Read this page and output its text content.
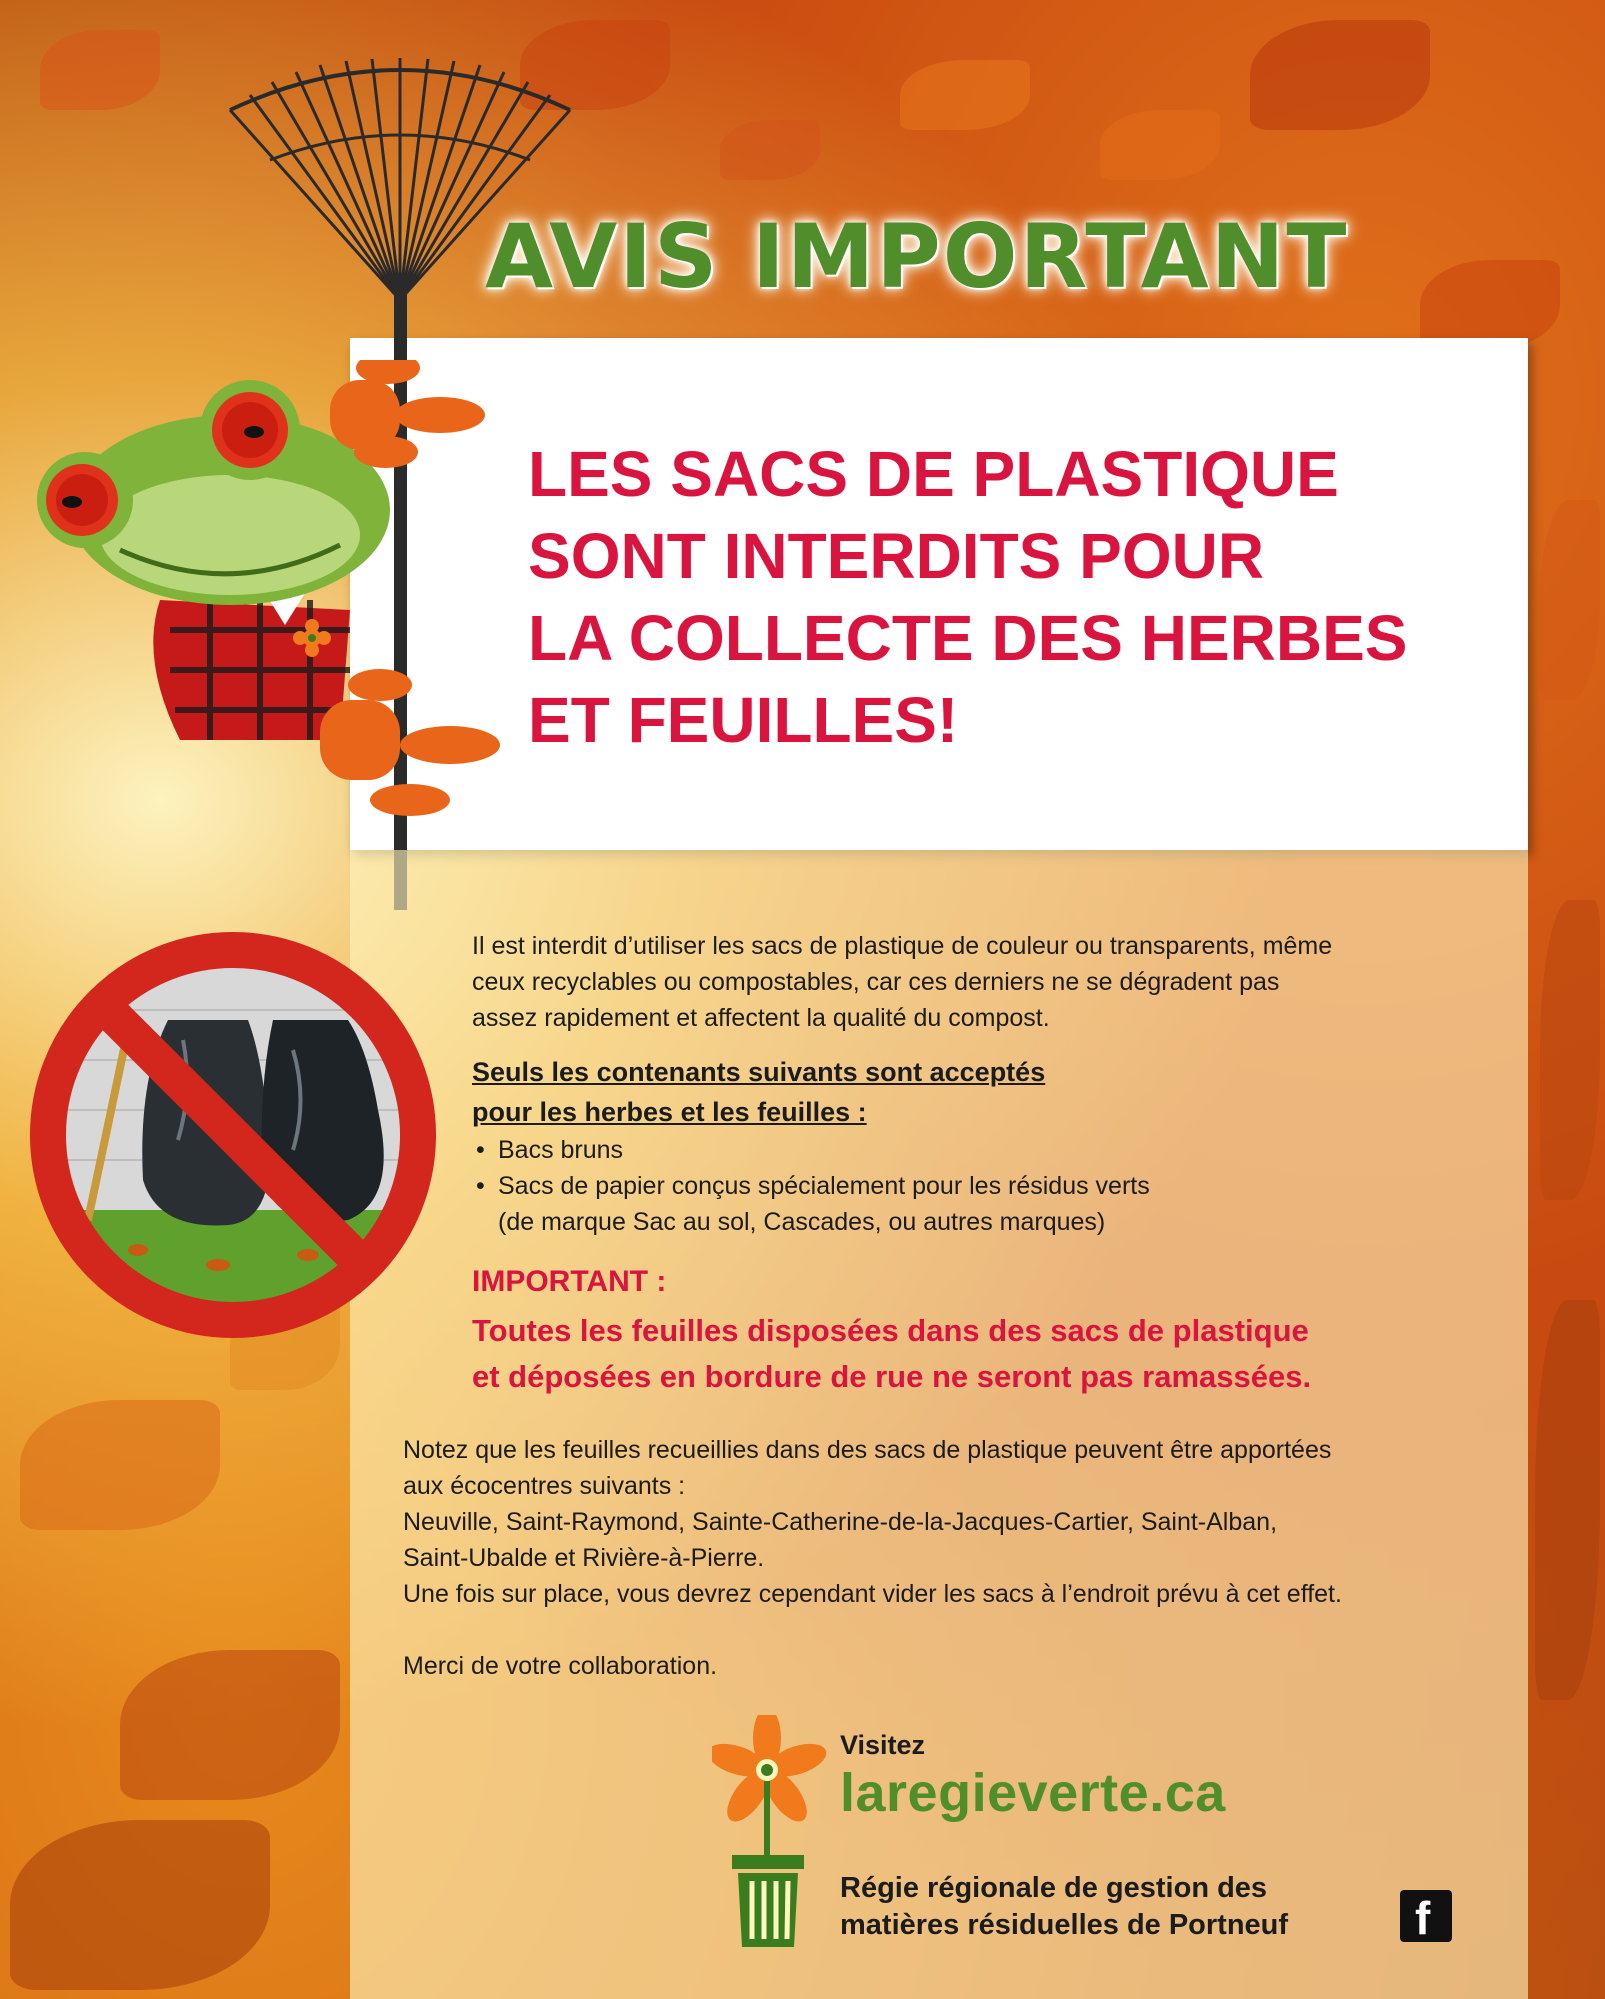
AVIS IMPORTANT
LES SACS DE PLASTIQUE
SONT INTERDITS POUR
LA COLLECTE DES HERBES
ET FEUILLES!
Il est interdit d’utiliser les sacs de plastique de couleur ou transparents, même
ceux recyclables ou compostables, car ces derniers ne se dégradent pas
assez rapidement et affectent la qualité du compost.
Seuls les contenants suivants sont acceptés
pour les herbes et les feuilles :
• Bacs bruns
• Sacs de papier conçus spécialement pour les résidus verts
(de marque Sac au sol, Cascades, ou autres marques)
IMPORTANT :
Toutes les feuilles disposées dans des sacs de plastique
et déposées en bordure de rue ne seront pas ramassées.
Notez que les feuilles recueillies dans des sacs de plastique peuvent être apportées
aux écocentres suivants :
Neuville, Saint-Raymond, Sainte-Catherine-de-la-Jacques-Cartier, Saint-Alban,
Saint-Ubalde et Rivière-à-Pierre.
Une fois sur place, vous devrez cependant vider les sacs à l’endroit prévu à cet effet.
Merci de votre collaboration.
Visitez
laregieverte.ca
Régie régionale de gestion des
matières résiduelles de Portneuf	f
